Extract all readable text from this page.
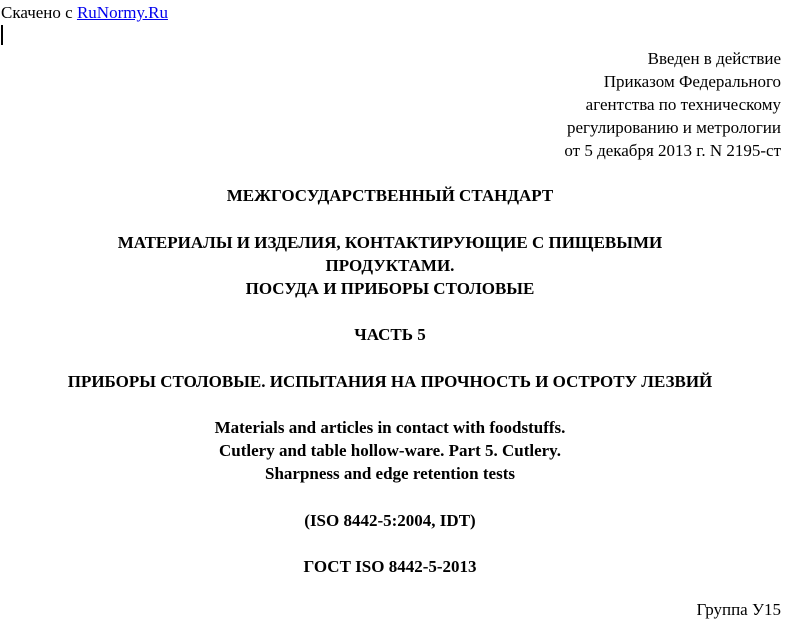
Скачено с RuNormy.Ru
Введен в действие
Приказом Федерального
агентства по техническому
регулированию и метрологии
от 5 декабря 2013 г. N 2195-ст
МЕЖГОСУДАРСТВЕННЫЙ СТАНДАРТ
МАТЕРИАЛЫ И ИЗДЕЛИЯ, КОНТАКТИРУЮЩИЕ С ПИЩЕВЫМИ
ПРОДУКТАМИ.
ПОСУДА И ПРИБОРЫ СТОЛОВЫЕ
ЧАСТЬ 5
ПРИБОРЫ СТОЛОВЫЕ. ИСПЫТАНИЯ НА ПРОЧНОСТЬ И ОСТРОТУ ЛЕЗВИЙ
Materials and articles in contact with foodstuffs.
Cutlery and table hollow-ware. Part 5. Cutlery.
Sharpness and edge retention tests
(ISO 8442-5:2004, IDT)
ГОСТ ISO 8442-5-2013
Группа У15
